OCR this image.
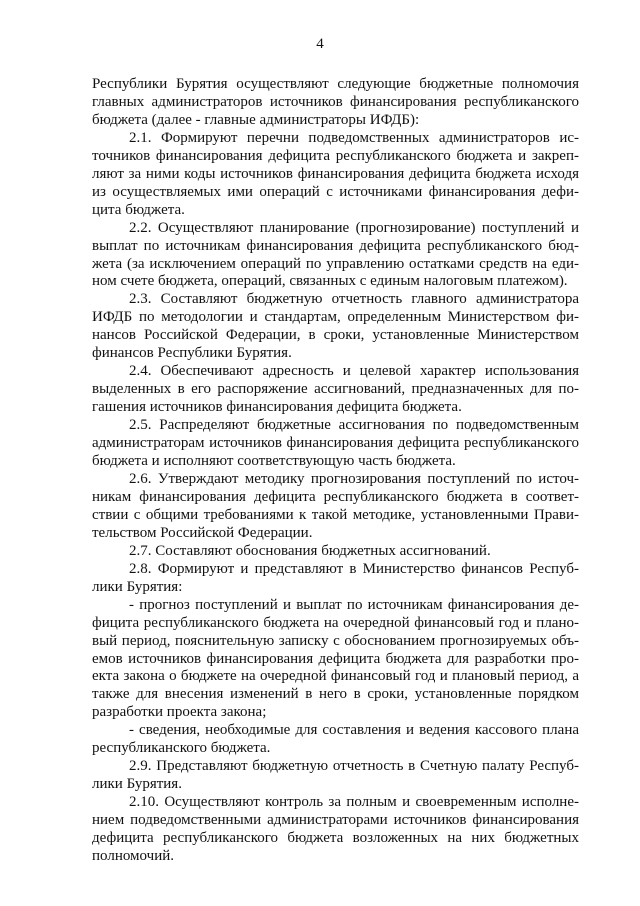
4

Республики Бурятия осуществляют следующие бюджетные полномочия главных администраторов источников финансирования республиканского бюджета (далее - главные администраторы ИФДБ):

2.1. Формируют перечни подведомственных администраторов источников финансирования дефицита республиканского бюджета и закрепляют за ними коды источников финансирования дефицита бюджета исходя из осуществляемых ими операций с источниками финансирования дефицита бюджета.

2.2. Осуществляют планирование (прогнозирование) поступлений и выплат по источникам финансирования дефицита республиканского бюджета (за исключением операций по управлению остатками средств на едином счете бюджета, операций, связанных с единым налоговым платежом).

2.3. Составляют бюджетную отчетность главного администратора ИФДБ по методологии и стандартам, определенным Министерством финансов Российской Федерации, в сроки, установленные Министерством финансов Республики Бурятия.

2.4. Обеспечивают адресность и целевой характер использования выделенных в его распоряжение ассигнований, предназначенных для погашения источников финансирования дефицита бюджета.

2.5. Распределяют бюджетные ассигнования по подведомственным администраторам источников финансирования дефицита республиканского бюджета и исполняют соответствующую часть бюджета.

2.6. Утверждают методику прогнозирования поступлений по источникам финансирования дефицита республиканского бюджета в соответствии с общими требованиями к такой методике, установленными Правительством Российской Федерации.

2.7. Составляют обоснования бюджетных ассигнований.

2.8. Формируют и представляют в Министерство финансов Республики Бурятия:

- прогноз поступлений и выплат по источникам финансирования дефицита республиканского бюджета на очередной финансовый год и плановый период, пояснительную записку с обоснованием прогнозируемых объемов источников финансирования дефицита бюджета для разработки проекта закона о бюджете на очередной финансовый год и плановый период, а также для внесения изменений в него в сроки, установленные порядком разработки проекта закона;

- сведения, необходимые для составления и ведения кассового плана республиканского бюджета.

2.9. Представляют бюджетную отчетность в Счетную палату Республики Бурятия.

2.10. Осуществляют контроль за полным и своевременным исполнением подведомственными администраторами источников финансирования дефицита республиканского бюджета возложенных на них бюджетных полномочий.
